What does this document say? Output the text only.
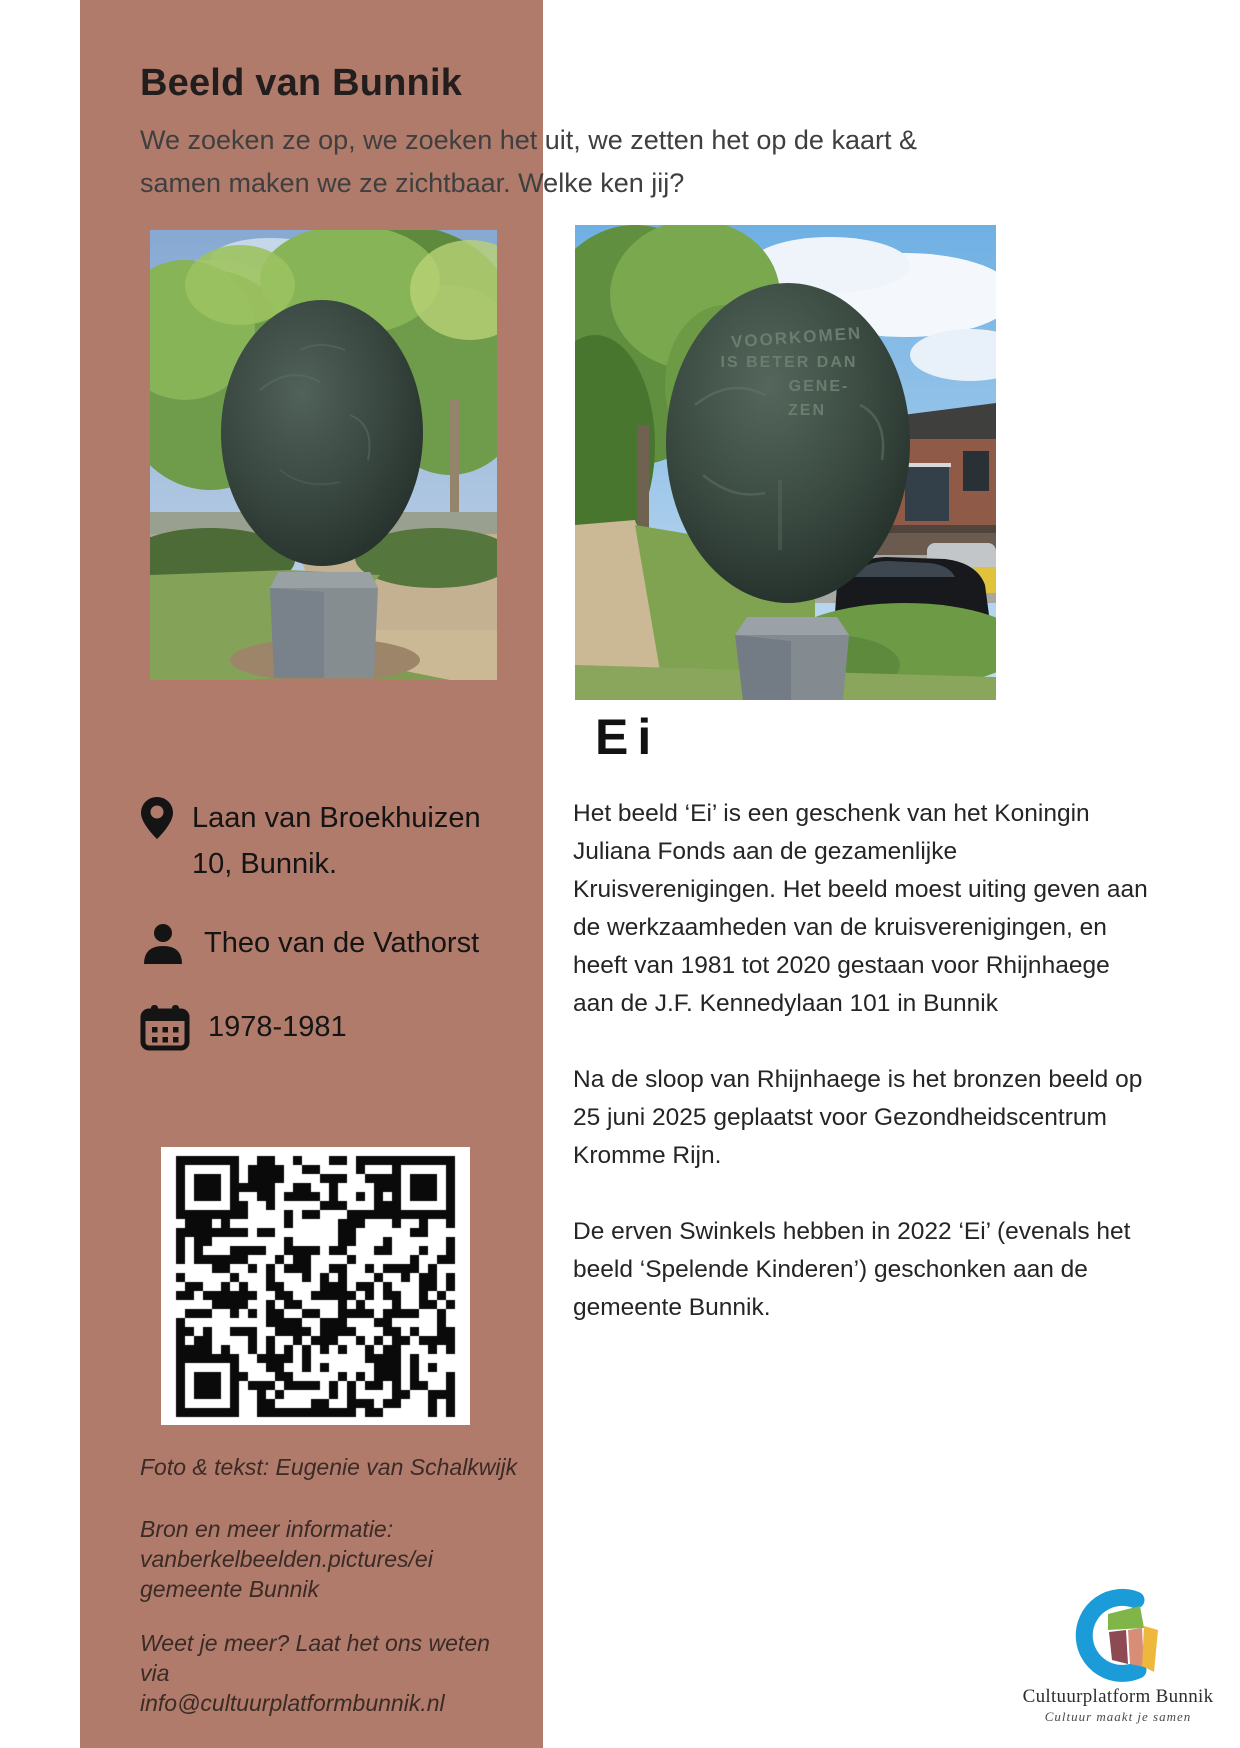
Beeld van Bunnik
We zoeken ze op, we zoeken het uit, we zetten het op de kaart &
samen maken we ze zichtbaar. Welke ken jij?
VOORKOMEN
IS BETER DAN
GENE-
ZEN
Ei

Het beeld ‘Ei’ is een geschenk van het Koningin Juliana Fonds aan de gezamenlijke Kruisverenigingen. Het beeld moest uiting geven aan de werkzaamheden van de kruisverenigingen, en heeft van 1981 tot 2020 gestaan voor Rhijnhaege aan de J.F. Kennedylaan 101 in Bunnik

Na de sloop van Rhijnhaege is het bronzen beeld op 25 juni 2025 geplaatst voor Gezondheidscentrum Kromme Rijn.

De erven Swinkels hebben in 2022 ‘Ei’ (evenals het beeld ‘Spelende Kinderen’) geschonken aan de gemeente Bunnik.

Laan van Broekhuizen 10, Bunnik.
Theo van de Vathorst
1978-1981
Foto & tekst: Eugenie van Schalkwijk
Bron en meer informatie:
vanberkelbeelden.pictures/ei
gemeente Bunnik
Weet je meer? Laat het ons weten via
info@cultuurplatformbunnik.nl	Cultuurplatform Bunnik
Cultuur maakt je samen
